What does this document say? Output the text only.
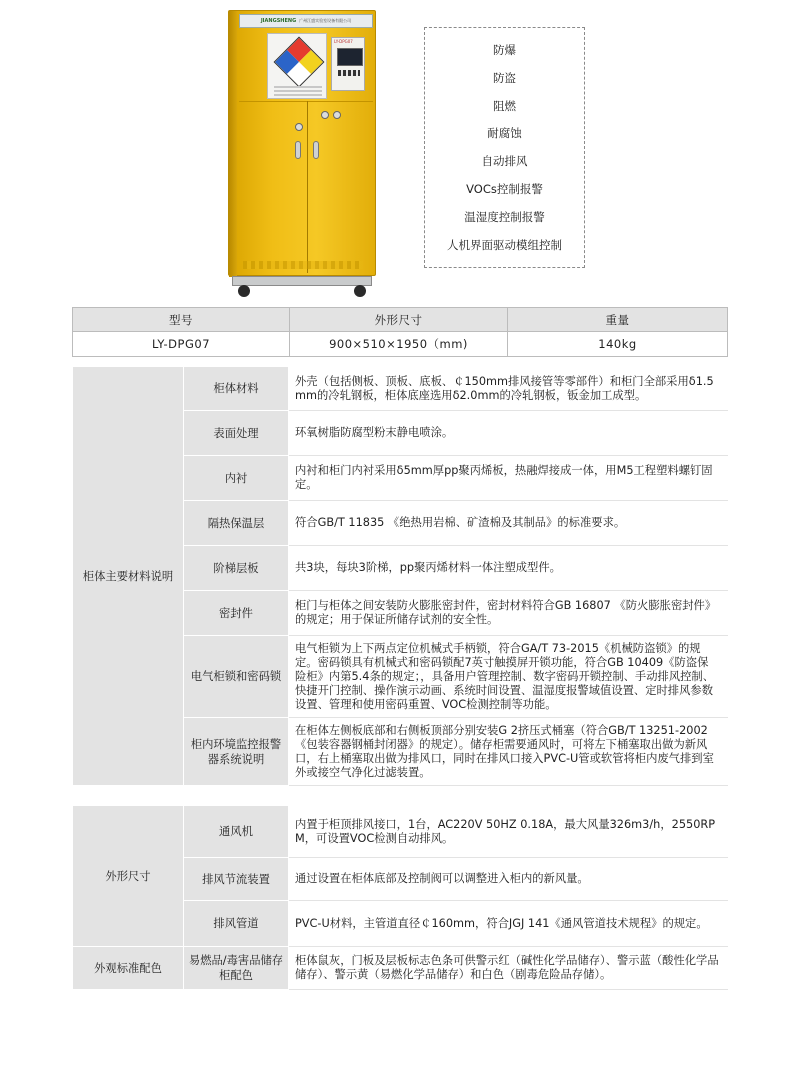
JIANGSHENG 广州江盛实验室设备有限公司
LY-DPG07
防爆
防盗
阻燃
耐腐蚀
自动排风
VOCs控制报警
温湿度控制报警
人机界面驱动模组控制
型号	外形尺寸	重量
LY-DPG07	900×510×1950（mm)	140kg
柜体主要材料说明	柜体材料	外壳（包括侧板、顶板、底板、￠150mm排风接管等零部件）和柜门全部采用δ1.5mm的冷轧钢板，柜体底座选用δ2.0mm的冷轧钢板，钣金加工成型。
	表面处理	环氧树脂防腐型粉末静电喷涂。
	内衬	内衬和柜门内衬采用δ5mm厚pp聚丙烯板，热融焊接成一体，用M5工程塑料螺钉固定。
	隔热保温层	符合GB/T 11835 《绝热用岩棉、矿渣棉及其制品》的标准要求。
	阶梯层板	共3块，每块3阶梯，pp聚丙烯材料一体注塑成型件。
	密封件	柜门与柜体之间安装防火膨胀密封件，密封材料符合GB 16807 《防火膨胀密封件》的规定；用于保证所储存试剂的安全性。
	电气柜锁和密码锁	电气柜锁为上下两点定位机械式手柄锁，符合GA/T 73-2015《机械防盗锁》的规定。密码锁具有机械式和密码锁配7英寸触摸屏开锁功能，符合GB 10409《防盗保险柜》内第5.4条的规定；，具备用户管理控制、数字密码开锁控制、手动排风控制、快捷开门控制、操作演示动画、系统时间设置、温湿度报警域值设置、定时排风参数设置、管理和使用密码重置、VOC检测控制等功能。
	柜内环境监控报警器系统说明	在柜体左侧板底部和右侧板顶部分别安装G 2挤压式桶塞（符合GB/T 13251-2002《包装容器钢桶封闭器》的规定）。储存柜需要通风时，可将左下桶塞取出做为新风口，右上桶塞取出做为排风口，同时在排风口接入PVC-U管或软管将柜内废气排到室外或接空气净化过滤装置。
外形尺寸	通风机	内置于柜顶排风接口，1台，AC220V 50HZ 0.18A，最大风量326m3/h，2550RPM，可设置VOC检测自动排风。
	排风节流装置	通过设置在柜体底部及控制阀可以调整进入柜内的新风量。
	排风管道	PVC-U材料，主管道直径￠160mm，符合JGJ 141《通风管道技术规程》的规定。
外观标准配色	易燃品/毒害品储存柜配色	柜体鼠灰，门板及层板标志色条可供警示红（碱性化学品储存）、警示蓝（酸性化学品储存）、警示黄（易燃化学品储存）和白色（剧毒危险品存储）。
